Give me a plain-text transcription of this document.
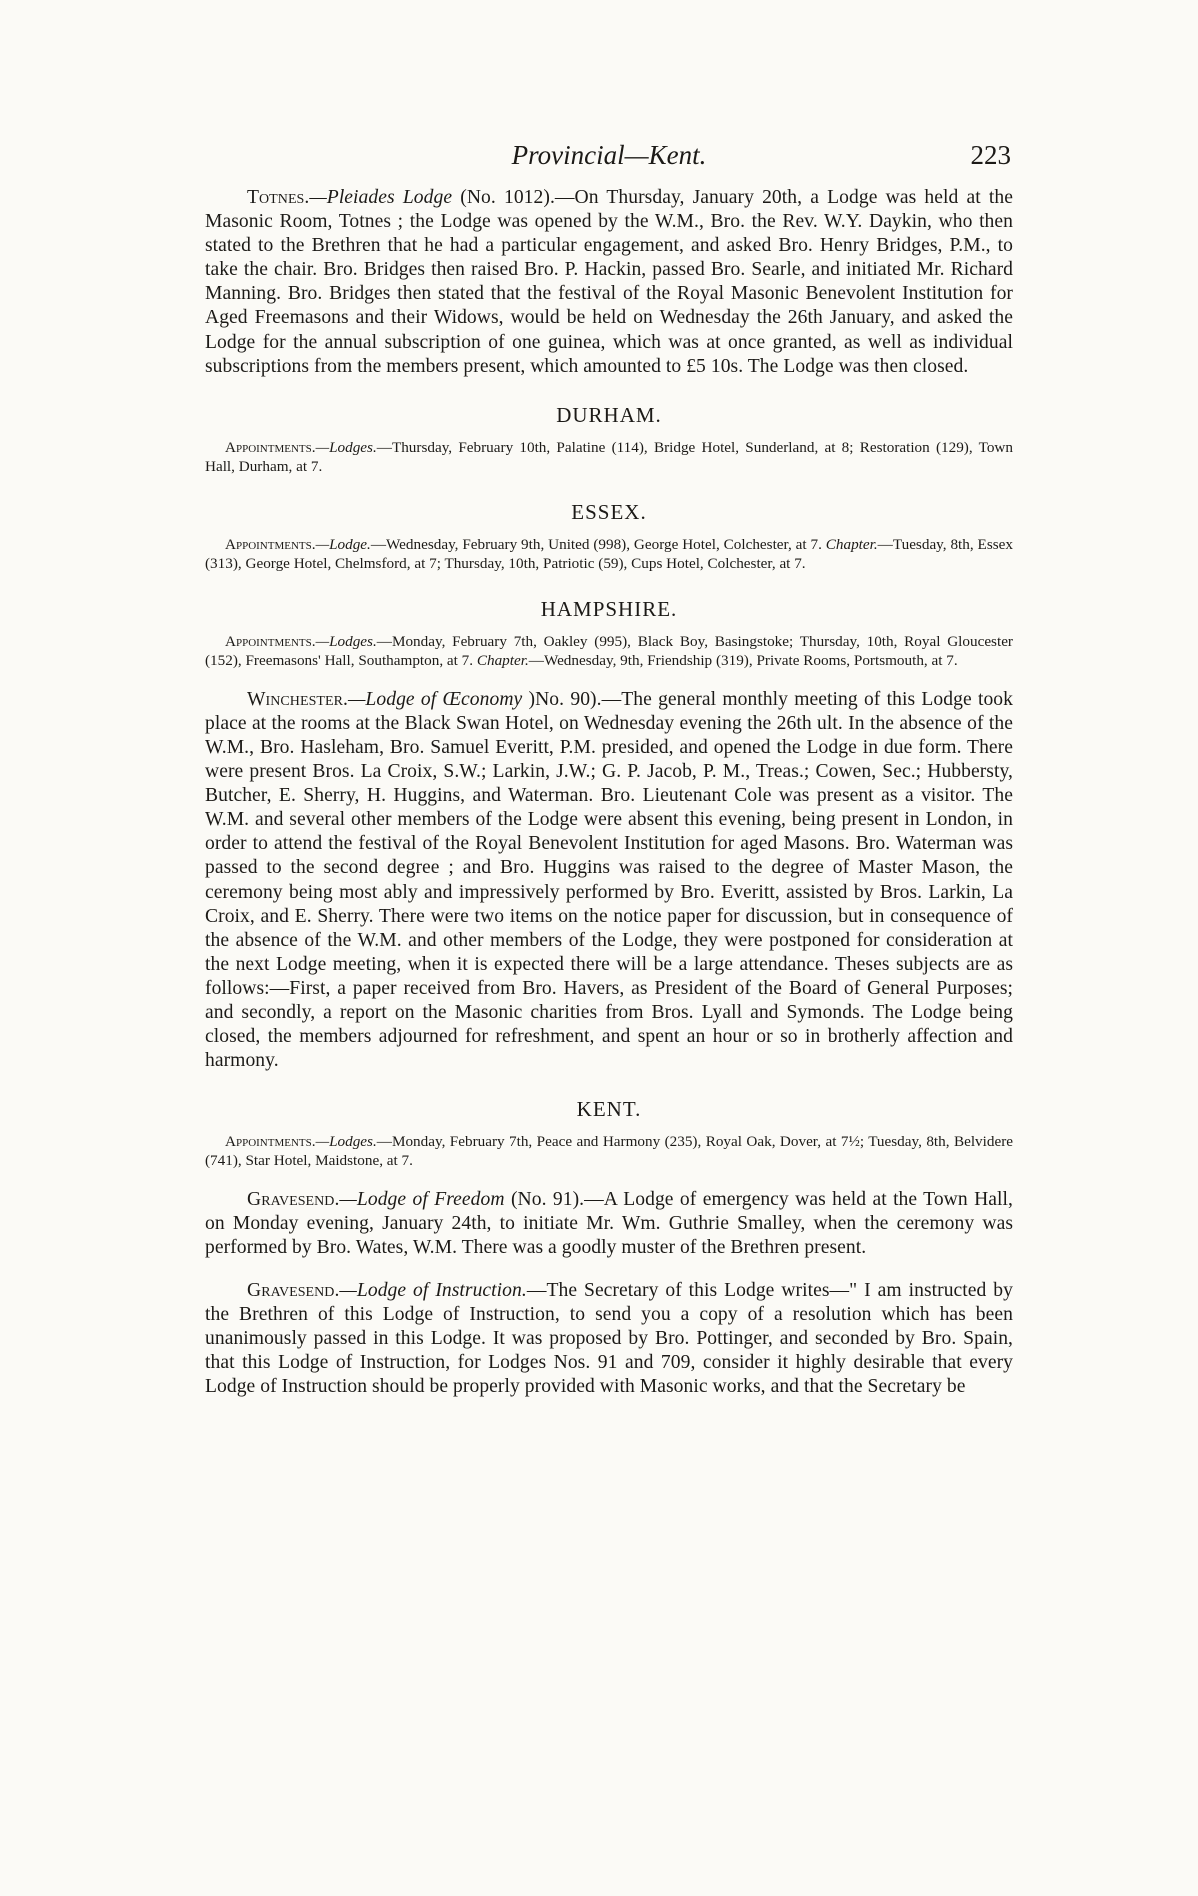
Provincial—Kent.	223

Totnes.—Pleiades Lodge (No. 1012).—On Thursday, January 20th, a Lodge was held at the Masonic Room, Totnes ; the Lodge was opened by the W.M., Bro. the Rev. W.Y. Daykin, who then stated to the Brethren that he had a particular engagement, and asked Bro. Henry Bridges, P.M., to take the chair. Bro. Bridges then raised Bro. P. Hackin, passed Bro. Searle, and initiated Mr. Richard Manning. Bro. Bridges then stated that the festival of the Royal Masonic Benevolent Institution for Aged Freemasons and their Widows, would be held on Wednesday the 26th January, and asked the Lodge for the annual subscription of one guinea, which was at once granted, as well as individual subscriptions from the members present, which amounted to £5 10s. The Lodge was then closed.

DURHAM.

Appointments.—Lodges.—Thursday, February 10th, Palatine (114), Bridge Hotel, Sunderland, at 8; Restoration (129), Town Hall, Durham, at 7.

ESSEX.

Appointments.—Lodge.—Wednesday, February 9th, United (998), George Hotel, Colchester, at 7. Chapter.—Tuesday, 8th, Essex (313), George Hotel, Chelmsford, at 7; Thursday, 10th, Patriotic (59), Cups Hotel, Colchester, at 7.

HAMPSHIRE.

Appointments.—Lodges.—Monday, February 7th, Oakley (995), Black Boy, Basingstoke; Thursday, 10th, Royal Gloucester (152), Freemasons' Hall, Southampton, at 7. Chapter.—Wednesday, 9th, Friendship (319), Private Rooms, Portsmouth, at 7.

Winchester.—Lodge of Œconomy )No. 90).—The general monthly meeting of this Lodge took place at the rooms at the Black Swan Hotel, on Wednesday evening the 26th ult. In the absence of the W.M., Bro. Hasleham, Bro. Samuel Everitt, P.M. presided, and opened the Lodge in due form. There were present Bros. La Croix, S.W.; Larkin, J.W.; G. P. Jacob, P. M., Treas.; Cowen, Sec.; Hubbersty, Butcher, E. Sherry, H. Huggins, and Waterman. Bro. Lieutenant Cole was present as a visitor. The W.M. and several other members of the Lodge were absent this evening, being present in London, in order to attend the festival of the Royal Benevolent Institution for aged Masons. Bro. Waterman was passed to the second degree ; and Bro. Huggins was raised to the degree of Master Mason, the ceremony being most ably and impressively performed by Bro. Everitt, assisted by Bros. Larkin, La Croix, and E. Sherry. There were two items on the notice paper for discussion, but in consequence of the absence of the W.M. and other members of the Lodge, they were postponed for consideration at the next Lodge meeting, when it is expected there will be a large attendance. Theses subjects are as follows:—First, a paper received from Bro. Havers, as President of the Board of General Purposes; and secondly, a report on the Masonic charities from Bros. Lyall and Symonds. The Lodge being closed, the members adjourned for refreshment, and spent an hour or so in brotherly affection and harmony.

KENT.

Appointments.—Lodges.—Monday, February 7th, Peace and Harmony (235), Royal Oak, Dover, at 7½; Tuesday, 8th, Belvidere (741), Star Hotel, Maidstone, at 7.

Gravesend.—Lodge of Freedom (No. 91).—A Lodge of emergency was held at the Town Hall, on Monday evening, January 24th, to initiate Mr. Wm. Guthrie Smalley, when the ceremony was performed by Bro. Wates, W.M. There was a goodly muster of the Brethren present.

Gravesend.—Lodge of Instruction.—The Secretary of this Lodge writes—" I am instructed by the Brethren of this Lodge of Instruction, to send you a copy of a resolution which has been unanimously passed in this Lodge. It was proposed by Bro. Pottinger, and seconded by Bro. Spain, that this Lodge of Instruction, for Lodges Nos. 91 and 709, consider it highly desirable that every Lodge of Instruction should be properly provided with Masonic works, and that the Secretary be
